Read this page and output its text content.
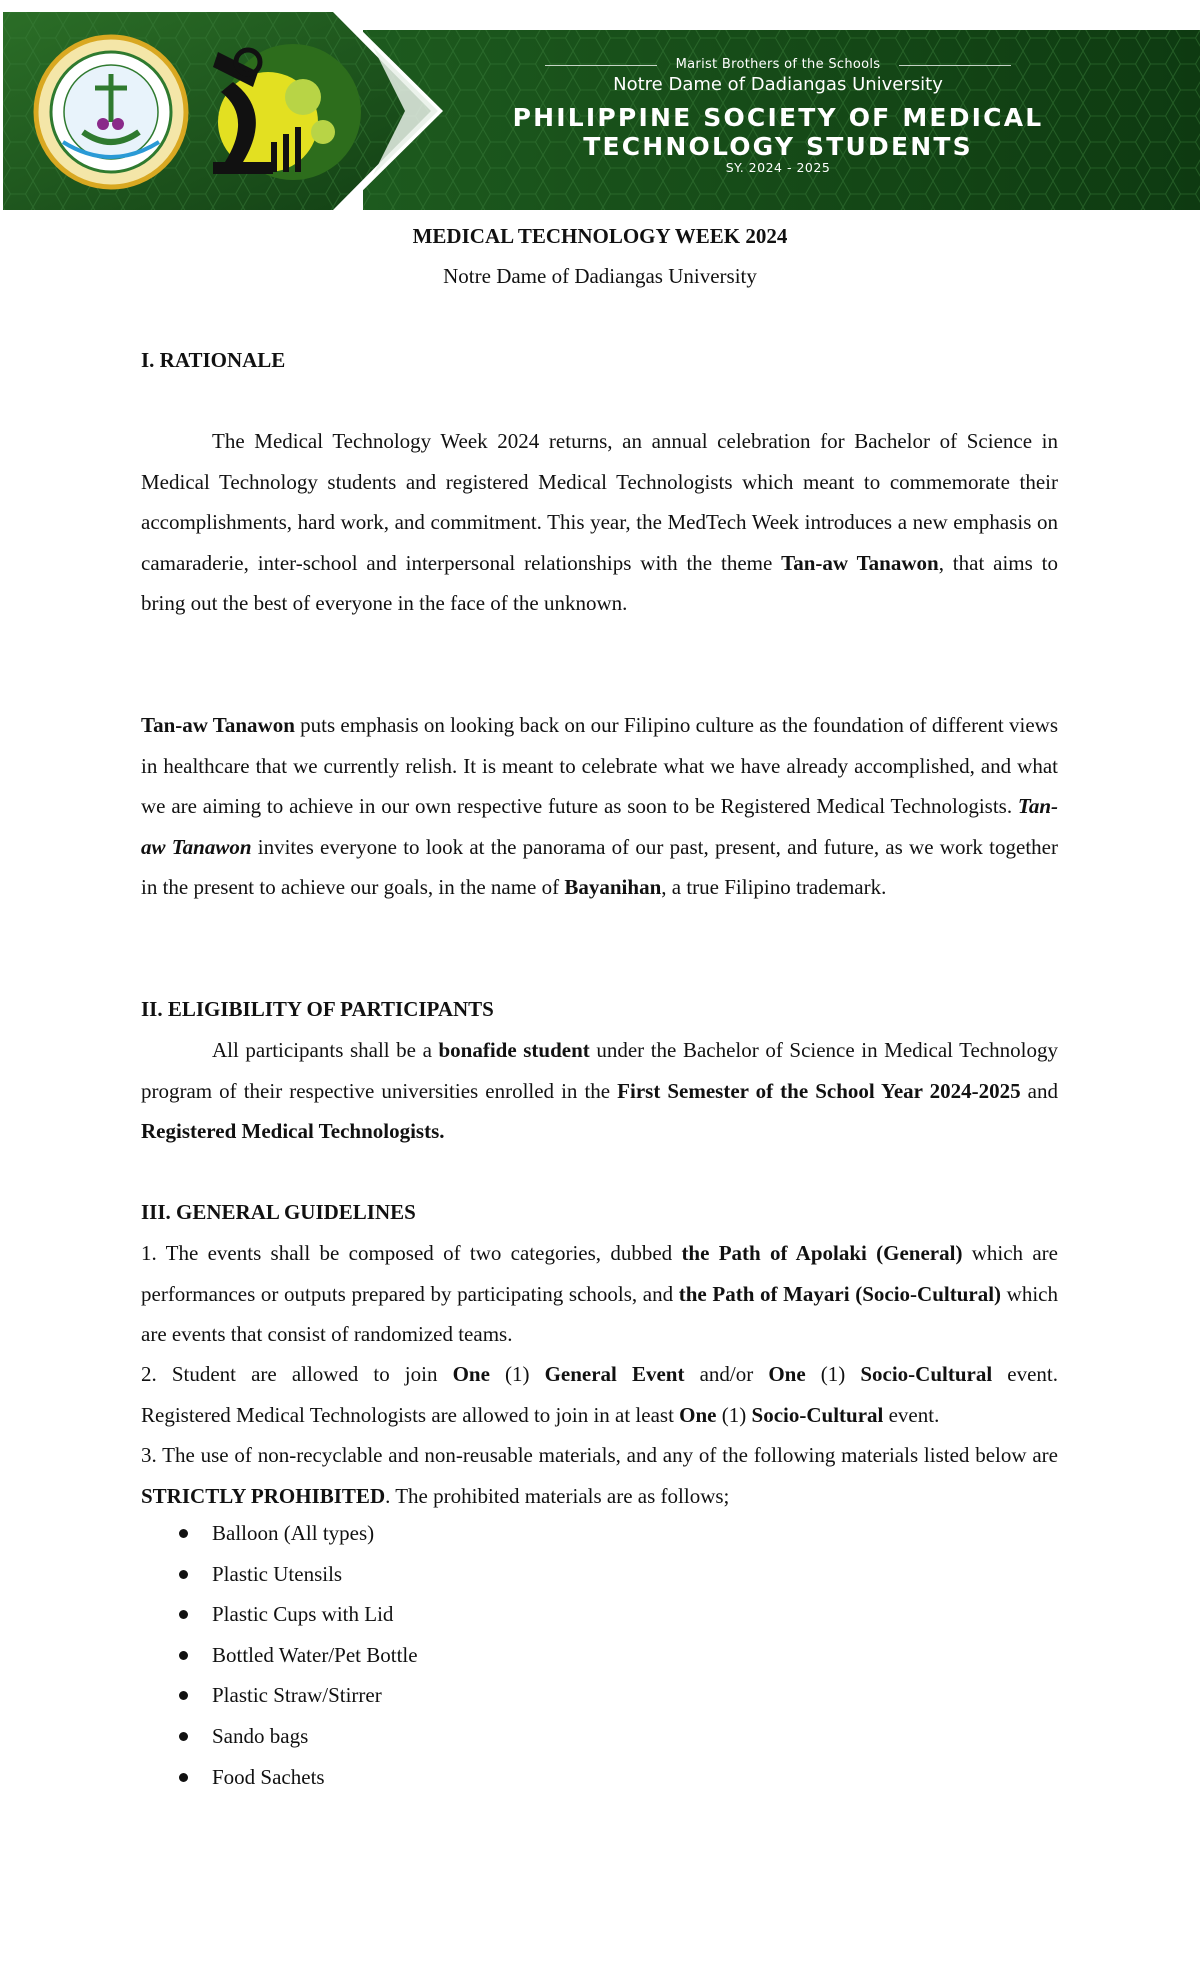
Marist Brothers of the Schools
Notre Dame of Dadiangas University
PHILIPPINE SOCIETY OF MEDICAL
TECHNOLOGY STUDENTS
SY. 2024 - 2025
MEDICAL TECHNOLOGY WEEK 2024
Notre Dame of Dadiangas University
I. RATIONALE

The Medical Technology Week 2024 returns, an annual celebration for Bachelor of Science in Medical Technology students and registered Medical Technologists which meant to commemorate their accomplishments, hard work, and commitment. This year, the MedTech Week introduces a new emphasis on camaraderie, inter-school and interpersonal relationships with the theme Tan-aw Tanawon, that aims to bring out the best of everyone in the face of the unknown.

Tan-aw Tanawon puts emphasis on looking back on our Filipino culture as the foundation of different views in healthcare that we currently relish. It is meant to celebrate what we have already accomplished, and what we are aiming to achieve in our own respective future as soon to be Registered Medical Technologists. Tan-aw Tanawon invites everyone to look at the panorama of our past, present, and future, as we work together in the present to achieve our goals, in the name of Bayanihan, a true Filipino trademark.

II. ELIGIBILITY OF PARTICIPANTS

All participants shall be a bonafide student under the Bachelor of Science in Medical Technology program of their respective universities enrolled in the First Semester of the School Year 2024-2025 and Registered Medical Technologists.

III. GENERAL GUIDELINES

1. The events shall be composed of two categories, dubbed the Path of Apolaki (General) which are performances or outputs prepared by participating schools, and the Path of Mayari (Socio-Cultural) which are events that consist of randomized teams.

2. Student are allowed to join One (1) General Event and/or One (1) Socio-Cultural event.

Registered Medical Technologists are allowed to join in at least One (1) Socio-Cultural event.

3. The use of non-recyclable and non-reusable materials, and any of the following materials listed below are STRICTLY PROHIBITED. The prohibited materials are as follows;

Balloon (All types)
Plastic Utensils
Plastic Cups with Lid
Bottled Water/Pet Bottle
Plastic Straw/Stirrer
Sando bags
Food Sachets
